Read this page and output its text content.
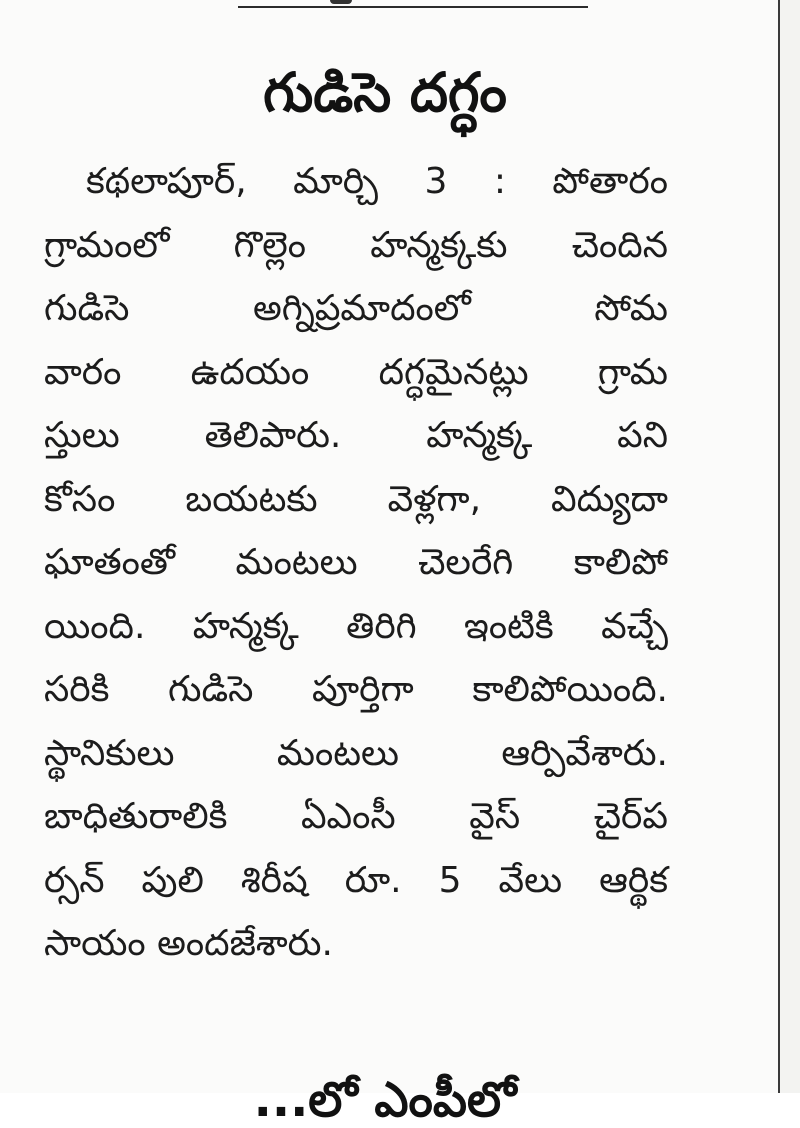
గుడిసె దగ్ధం
కథలాపూర్, మార్చి 3 : పోతారం
గ్రామంలో గొల్లెం హన్మక్కకు చెందిన
గుడిసె అగ్నిప్రమాదంలో సోమ
వారం ఉదయం దగ్ధమైనట్లు గ్రామ
స్తులు తెలిపారు. హన్మక్క పని
కోసం బయటకు వెళ్లగా, విద్యుదా
ఘాతంతో మంటలు చెలరేగి కాలిపో
యింది. హన్మక్క తిరిగి ఇంటికి వచ్చే
సరికి గుడిసె పూర్తిగా కాలిపోయింది.
స్థానికులు మంటలు ఆర్పివేశారు.
బాధితురాలికి ఏఎంసీ వైస్ చైర్‌ప
ర్సన్ పులి శిరీష రూ. 5 వేలు ఆర్థిక
సాయం అందజేశారు.
...లో ఎంపీలో
